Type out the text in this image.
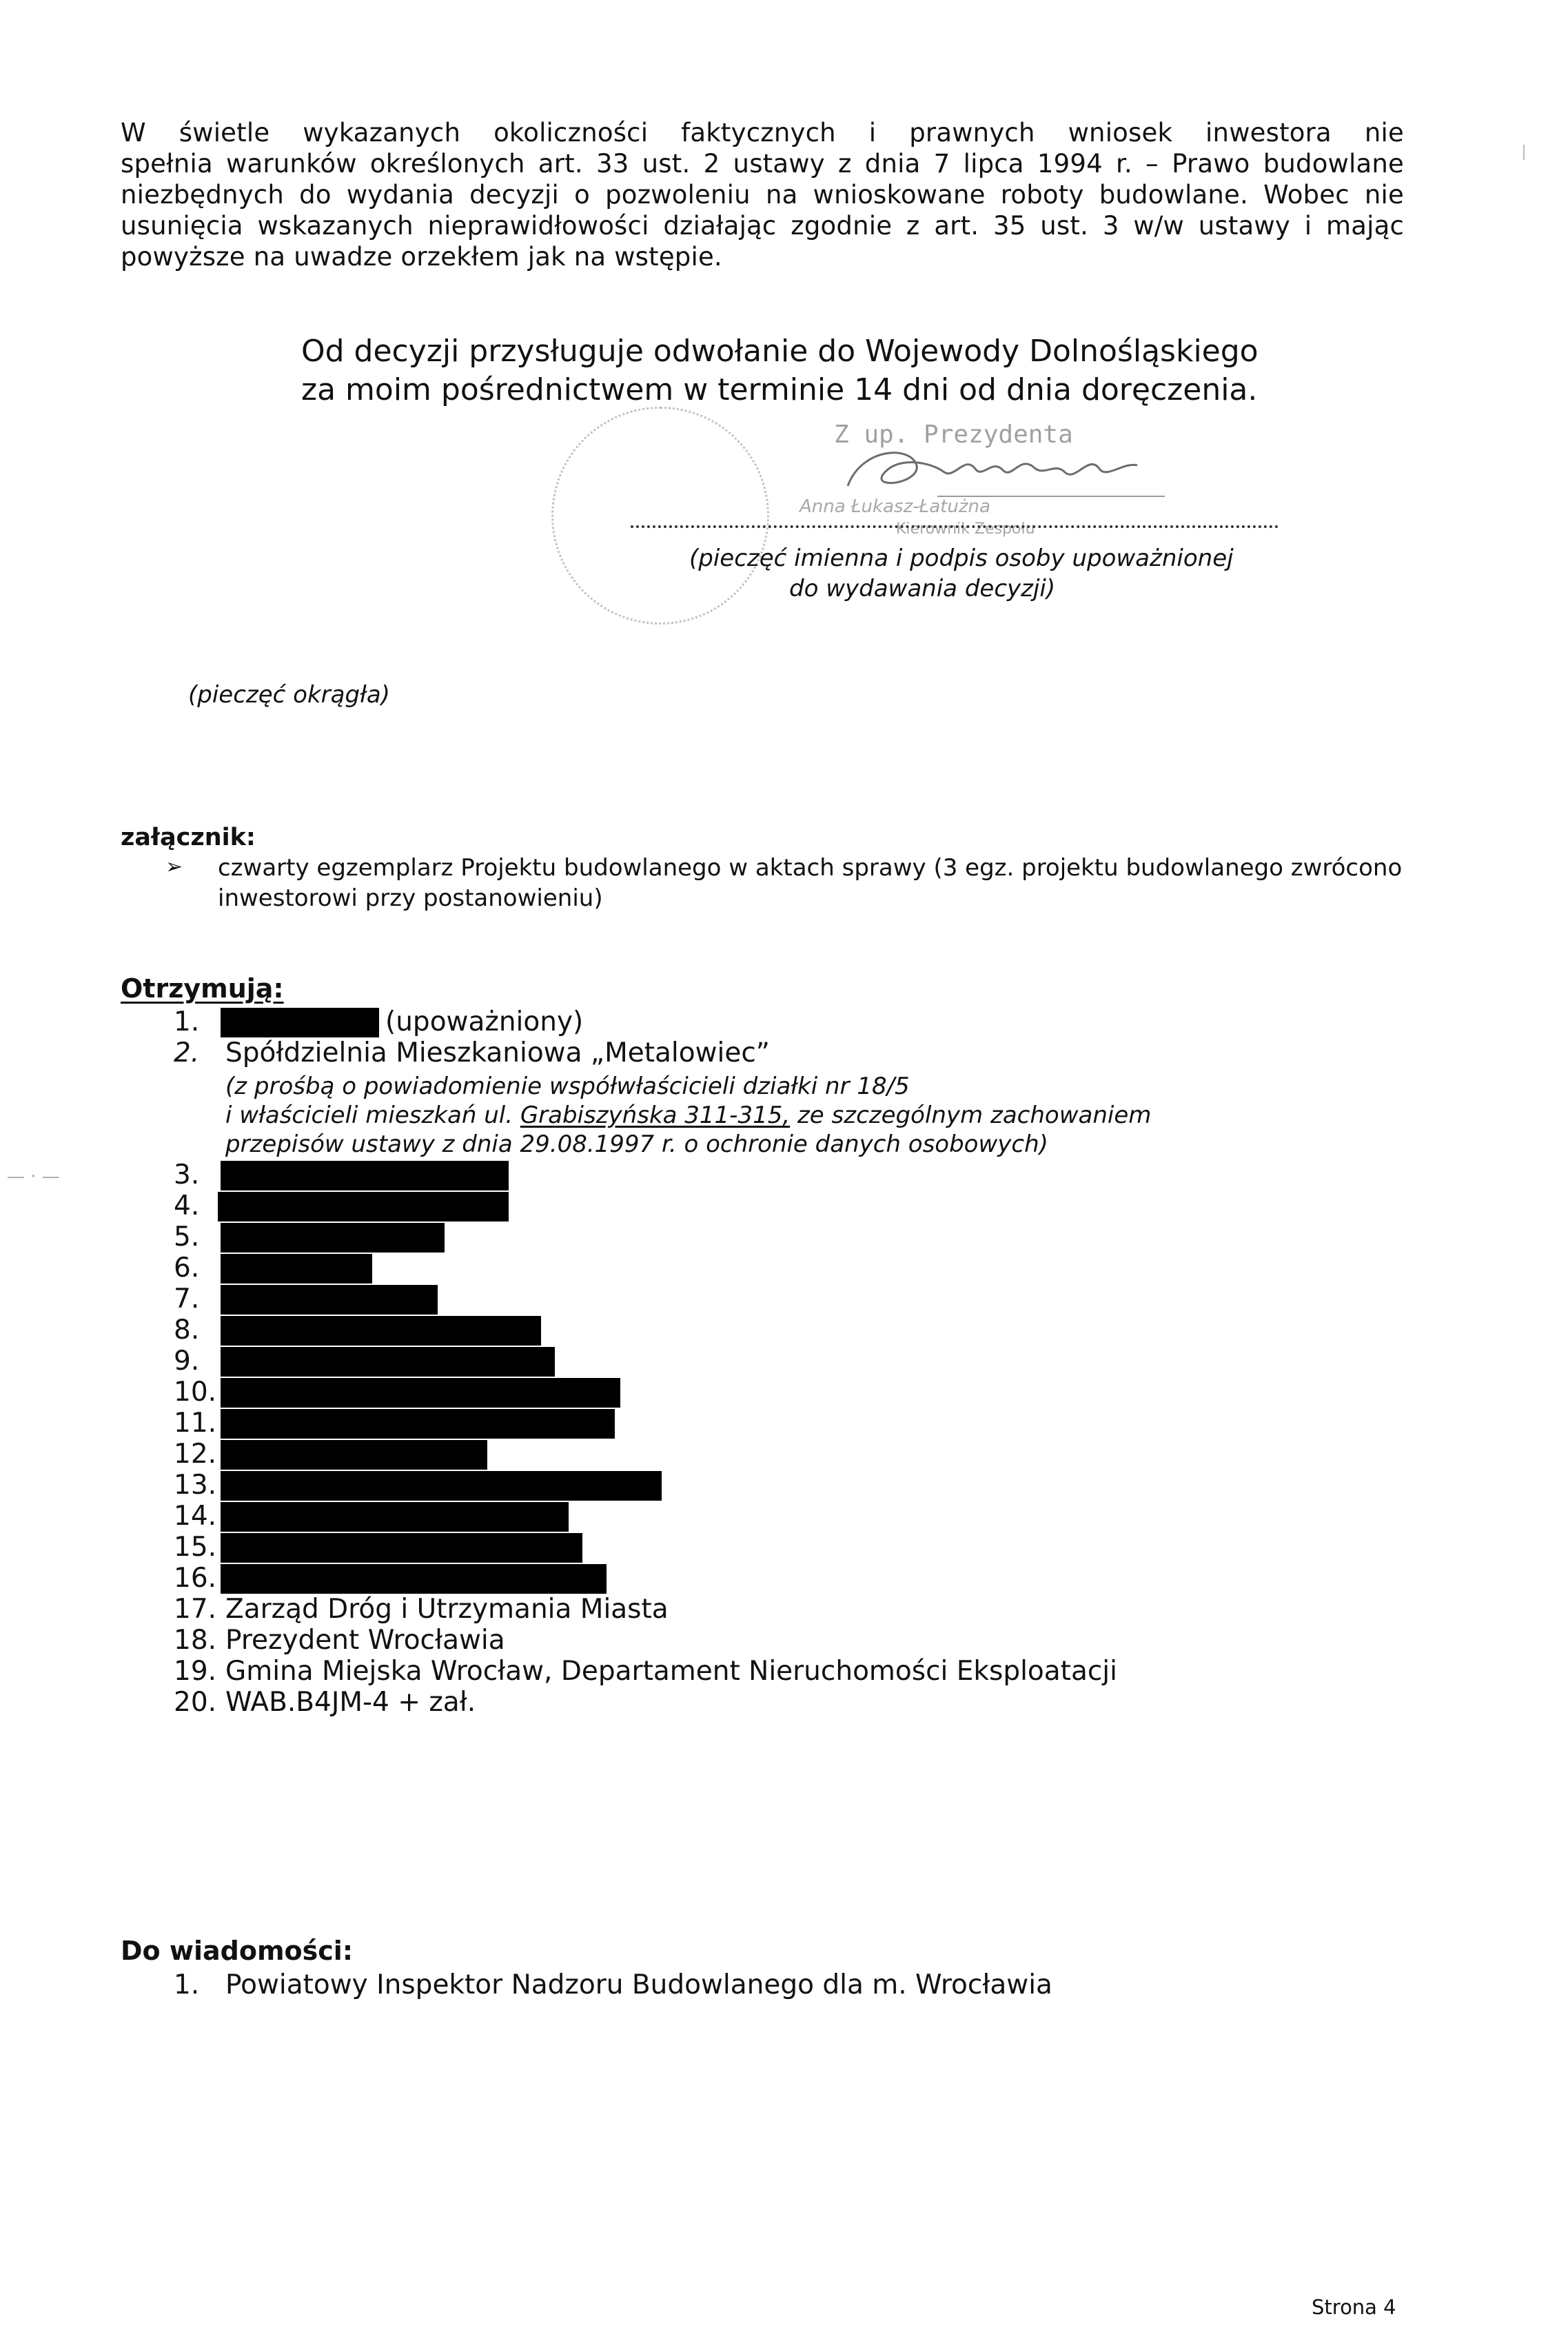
W świetle wykazanych okoliczności faktycznych i prawnych wniosek inwestora nie
spełnia warunków określonych art. 33 ust. 2 ustawy z dnia 7 lipca 1994 r. – Prawo budowlane
niezbędnych do wydania decyzji o pozwoleniu na wnioskowane roboty budowlane. Wobec nie
usunięcia wskazanych nieprawidłowości działając zgodnie z art. 35 ust. 3 w/w ustawy i mając
powyższe na uwadze orzekłem jak na wstępie.
Od decyzji przysługuje odwołanie do Wojewody Dolnośląskiego
za moim pośrednictwem w terminie 14 dni od dnia doręczenia.
Z up. Prezydenta
Anna Łukasz-Łatużna
Kierownik Zespołu
(pieczęć imienna i podpis osoby upoważnionej
do wydawania decyzji)
(pieczęć okrągła)
załącznik:
➢ czwarty egzemplarz Projektu budowlanego w aktach sprawy (3 egz. projektu budowlanego zwrócono
inwestorowi przy postanowieniu)
Otrzymują:
1.	(upoważniony)
2. Spółdzielnia Mieszkaniowa „Metalowiec”
(z prośbą o powiadomienie współwłaścicieli działki nr 18/5
i właścicieli mieszkań ul. Grabiszyńska 311-315, ze szczególnym zachowaniem
przepisów ustawy z dnia 29.08.1997 r. o ochronie danych osobowych)
— · —	3.
4.
5.
6.
7.
8.
9.
10.
11.
12.
13.
14.
15.
16.
17. Zarząd Dróg i Utrzymania Miasta
18. Prezydent Wrocławia
19. Gmina Miejska Wrocław, Departament Nieruchomości Eksploatacji
20. WAB.B4JM-4 + zał.
Do wiadomości:
1. Powiatowy Inspektor Nadzoru Budowlanego dla m. Wrocławia
Strona 4
